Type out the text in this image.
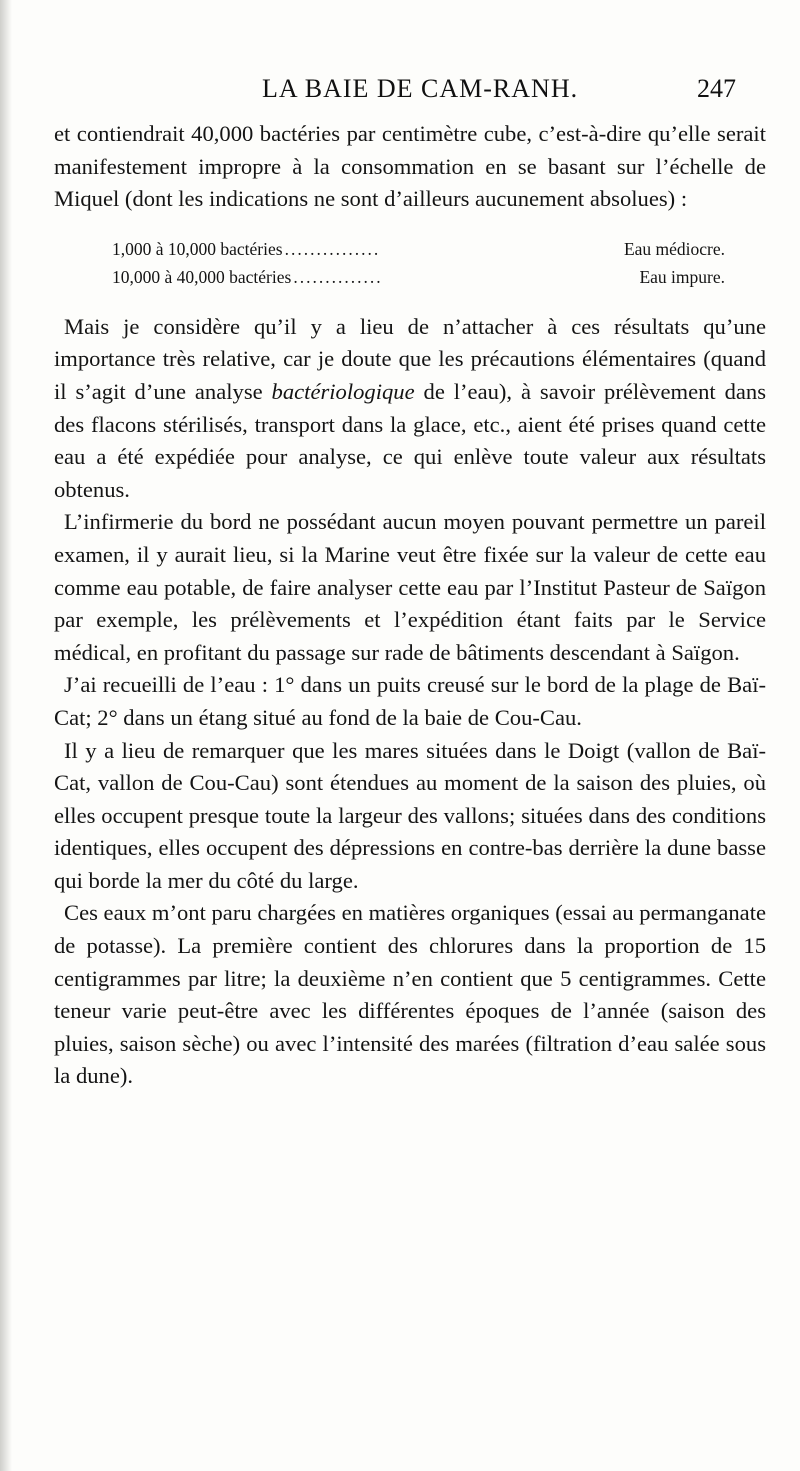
LA BAIE DE CAM-RANH.	247

et contiendrait 40,000 bactéries par centimètre cube, c’est-à-dire qu’elle serait manifestement impropre à la consommation en se basant sur l’échelle de Miquel (dont les indications ne sont d’ailleurs aucunement absolues) :

1,000 à 10,000 bactéries ...............	Eau médiocre.
10,000 à 40,000 bactéries ..............	Eau impure.

Mais je considère qu’il y a lieu de n’attacher à ces résultats qu’une importance très relative, car je doute que les précautions élémentaires (quand il s’agit d’une analyse bactériologique de l’eau), à savoir prélèvement dans des flacons stérilisés, transport dans la glace, etc., aient été prises quand cette eau a été expédiée pour analyse, ce qui enlève toute valeur aux résultats obtenus.

L’infirmerie du bord ne possédant aucun moyen pouvant permettre un pareil examen, il y aurait lieu, si la Marine veut être fixée sur la valeur de cette eau comme eau potable, de faire analyser cette eau par l’Institut Pasteur de Saïgon par exemple, les prélèvements et l’expédition étant faits par le Service médical, en profitant du passage sur rade de bâtiments descendant à Saïgon.

J’ai recueilli de l’eau : 1° dans un puits creusé sur le bord de la plage de Baï-Cat; 2° dans un étang situé au fond de la baie de Cou-Cau.

Il y a lieu de remarquer que les mares situées dans le Doigt (vallon de Baï-Cat, vallon de Cou-Cau) sont étendues au moment de la saison des pluies, où elles occupent presque toute la largeur des vallons; situées dans des conditions identiques, elles occupent des dépressions en contre-bas derrière la dune basse qui borde la mer du côté du large.

Ces eaux m’ont paru chargées en matières organiques (essai au permanganate de potasse). La première contient des chlorures dans la proportion de 15 centigrammes par litre; la deuxième n’en contient que 5 centigrammes. Cette teneur varie peut-être avec les différentes époques de l’année (saison des pluies, saison sèche) ou avec l’intensité des marées (filtration d’eau salée sous la dune).
